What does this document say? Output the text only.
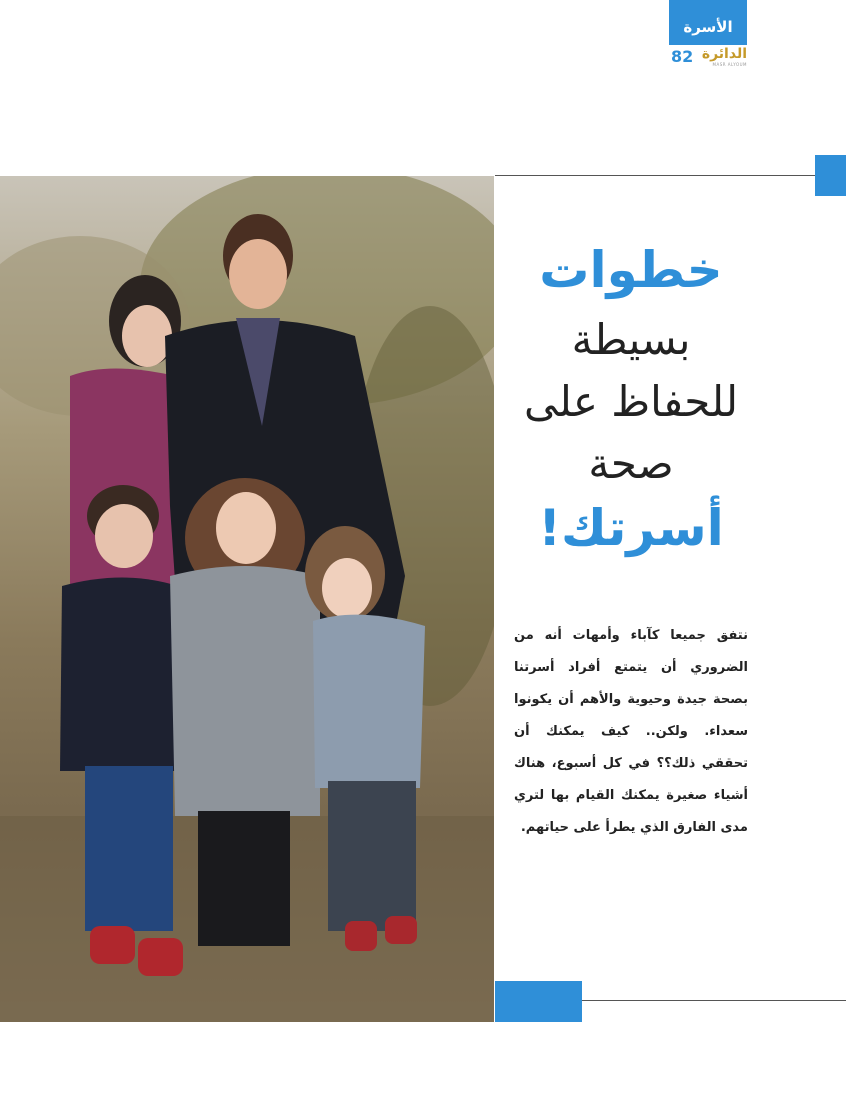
الأسرة
82 الدائرة
MASR ALYOUM
خطوات
بسيطة
للحفاظ على
صحة
أسرتك!
نتفق جميعا كآباء وأمهات أنه من الضروري أن يتمتع أفراد أسرتنا بصحة جيدة وحيوية والأهم أن يكونوا سعداء. ولكن.. كيف يمكنك أن تحققي ذلك؟؟ في كل أسبوع، هناك أشياء صغيرة يمكنك القيام بها لتري مدى الفارق الذي يطرأ على حياتهم.
